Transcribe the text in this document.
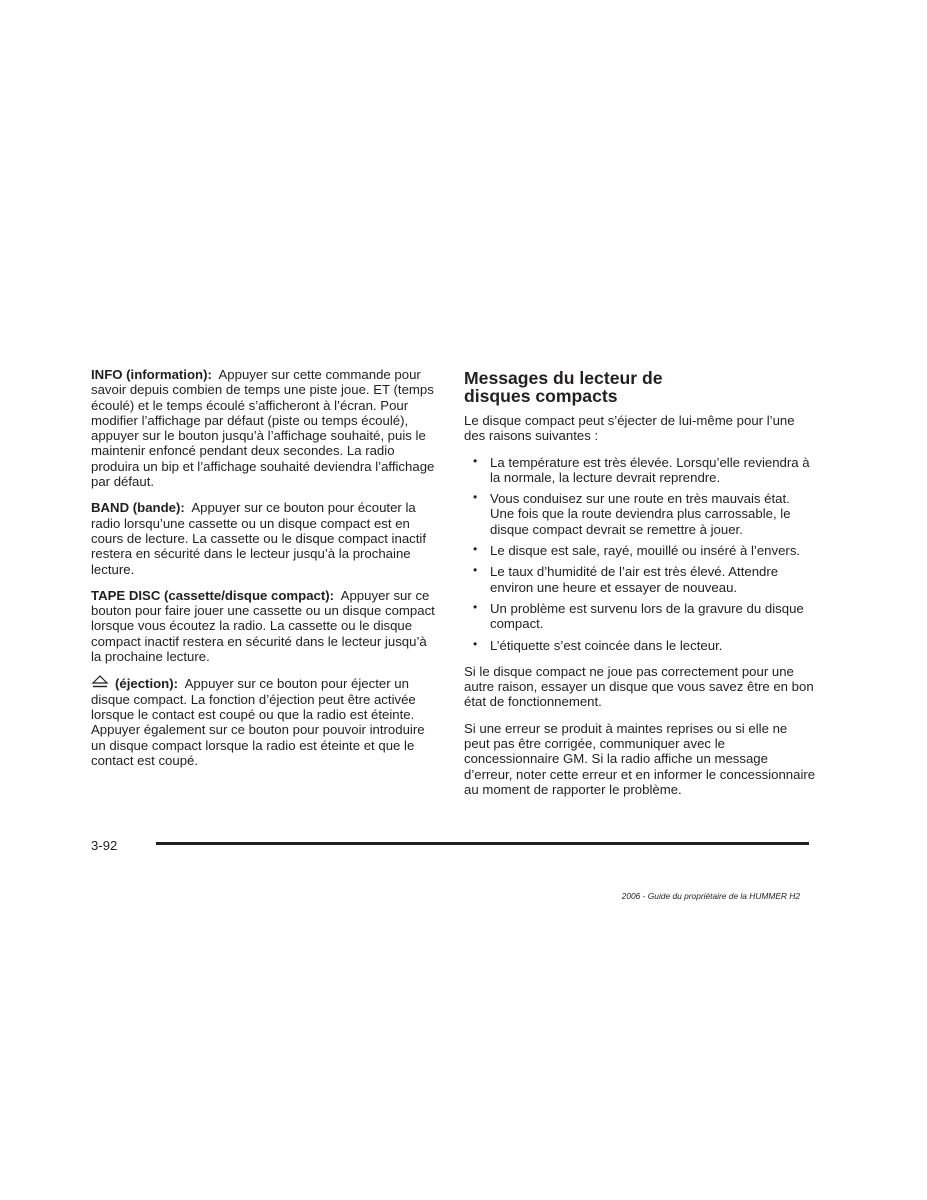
INFO (information): Appuyer sur cette commande pour savoir depuis combien de temps une piste joue. ET (temps écoulé) et le temps écoulé s’afficheront à l’écran. Pour modifier l’affichage par défaut (piste ou temps écoulé), appuyer sur le bouton jusqu’à l’affichage souhaité, puis le maintenir enfoncé pendant deux secondes. La radio produira un bip et l’affichage souhaité deviendra l’affichage par défaut.

BAND (bande): Appuyer sur ce bouton pour écouter la radio lorsqu’une cassette ou un disque compact est en cours de lecture. La cassette ou le disque compact inactif restera en sécurité dans le lecteur jusqu’à la prochaine lecture.

TAPE DISC (cassette/disque compact): Appuyer sur ce bouton pour faire jouer une cassette ou un disque compact lorsque vous écoutez la radio. La cassette ou le disque compact inactif restera en sécurité dans le lecteur jusqu’à la prochaine lecture.

(éjection): Appuyer sur ce bouton pour éjecter un disque compact. La fonction d’éjection peut être activée lorsque le contact est coupé ou que la radio est éteinte. Appuyer également sur ce bouton pour pouvoir introduire un disque compact lorsque la radio est éteinte et que le contact est coupé.

Messages du lecteur de disques compacts

Le disque compact peut s’éjecter de lui-même pour l’une des raisons suivantes :

• La température est très élevée. Lorsqu’elle reviendra à la normale, la lecture devrait reprendre.
• Vous conduisez sur une route en très mauvais état. Une fois que la route deviendra plus carrossable, le disque compact devrait se remettre à jouer.
• Le disque est sale, rayé, mouillé ou inséré à l’envers.
• Le taux d’humidité de l’air est très élevé. Attendre environ une heure et essayer de nouveau.
• Un problème est survenu lors de la gravure du disque compact.
• L’étiquette s’est coincée dans le lecteur.

Si le disque compact ne joue pas correctement pour une autre raison, essayer un disque que vous savez être en bon état de fonctionnement.

Si une erreur se produit à maintes reprises ou si elle ne peut pas être corrigée, communiquer avec le concessionnaire GM. Si la radio affiche un message d’erreur, noter cette erreur et en informer le concessionnaire au moment de rapporter le problème.

3-92
2006 - Guide du propriétaire de la HUMMER H2
